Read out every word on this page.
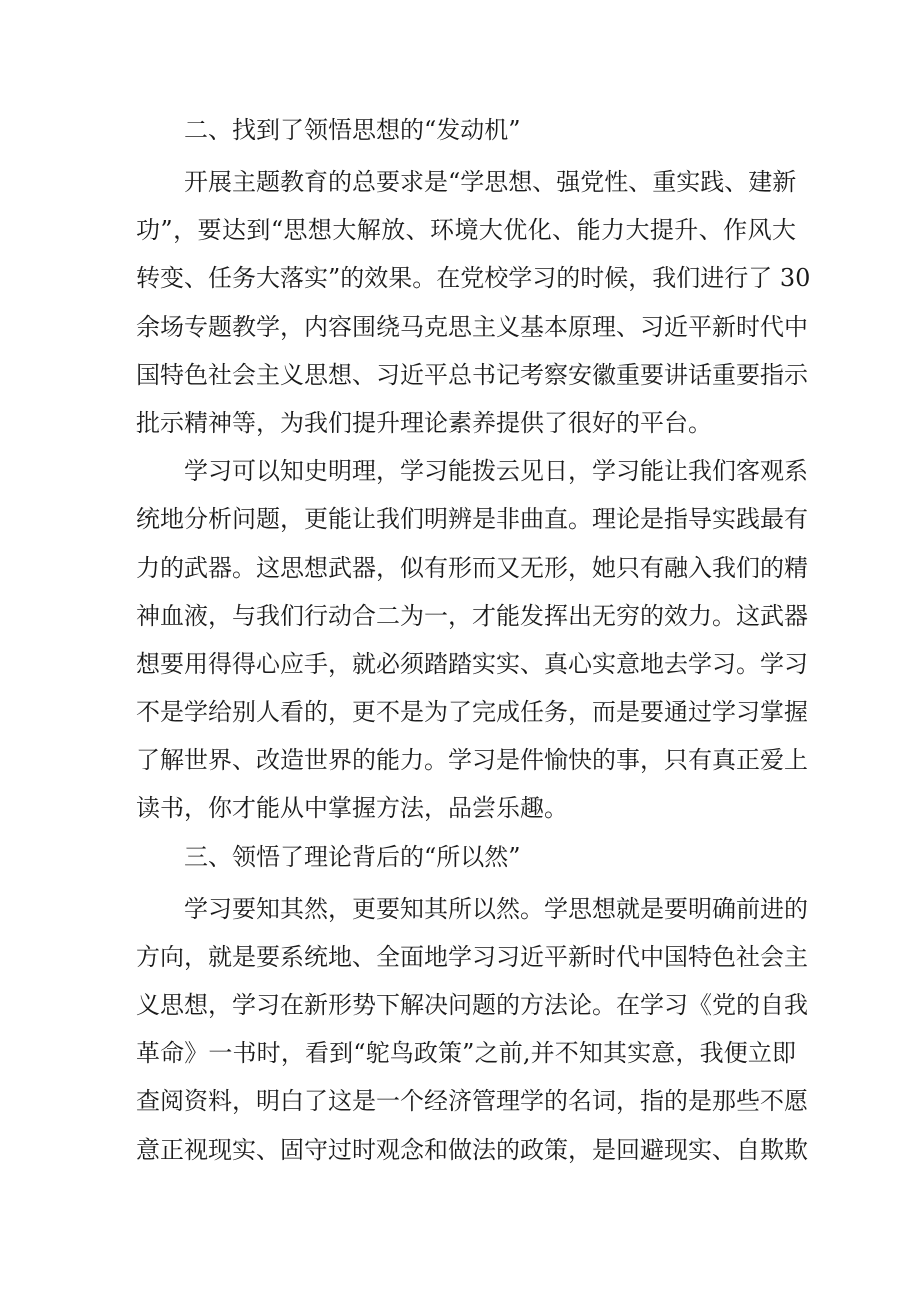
二、找到了领悟思想的“发动机”
开展主题教育的总要求是“学思想、强党性、重实践、建新
功”，要达到“思想大解放、环境大优化、能力大提升、作风大
转变、任务大落实”的效果。在党校学习的时候，我们进行了 30
余场专题教学，内容围绕马克思主义基本原理、习近平新时代中
国特色社会主义思想、习近平总书记考察安徽重要讲话重要指示
批示精神等，为我们提升理论素养提供了很好的平台。
学习可以知史明理，学习能拨云见日，学习能让我们客观系
统地分析问题，更能让我们明辨是非曲直。理论是指导实践最有
力的武器。这思想武器，似有形而又无形，她只有融入我们的精
神血液，与我们行动合二为一，才能发挥出无穷的效力。这武器
想要用得得心应手，就必须踏踏实实、真心实意地去学习。学习
不是学给别人看的，更不是为了完成任务，而是要通过学习掌握
了解世界、改造世界的能力。学习是件愉快的事，只有真正爱上
读书，你才能从中掌握方法，品尝乐趣。
三、领悟了理论背后的“所以然”
学习要知其然，更要知其所以然。学思想就是要明确前进的
方向，就是要系统地、全面地学习习近平新时代中国特色社会主
义思想，学习在新形势下解决问题的方法论。在学习《党的自我
革命》一书时，看到“鸵鸟政策”之前,并不知其实意，我便立即
查阅资料，明白了这是一个经济管理学的名词，指的是那些不愿
意正视现实、固守过时观念和做法的政策，是回避现实、自欺欺
